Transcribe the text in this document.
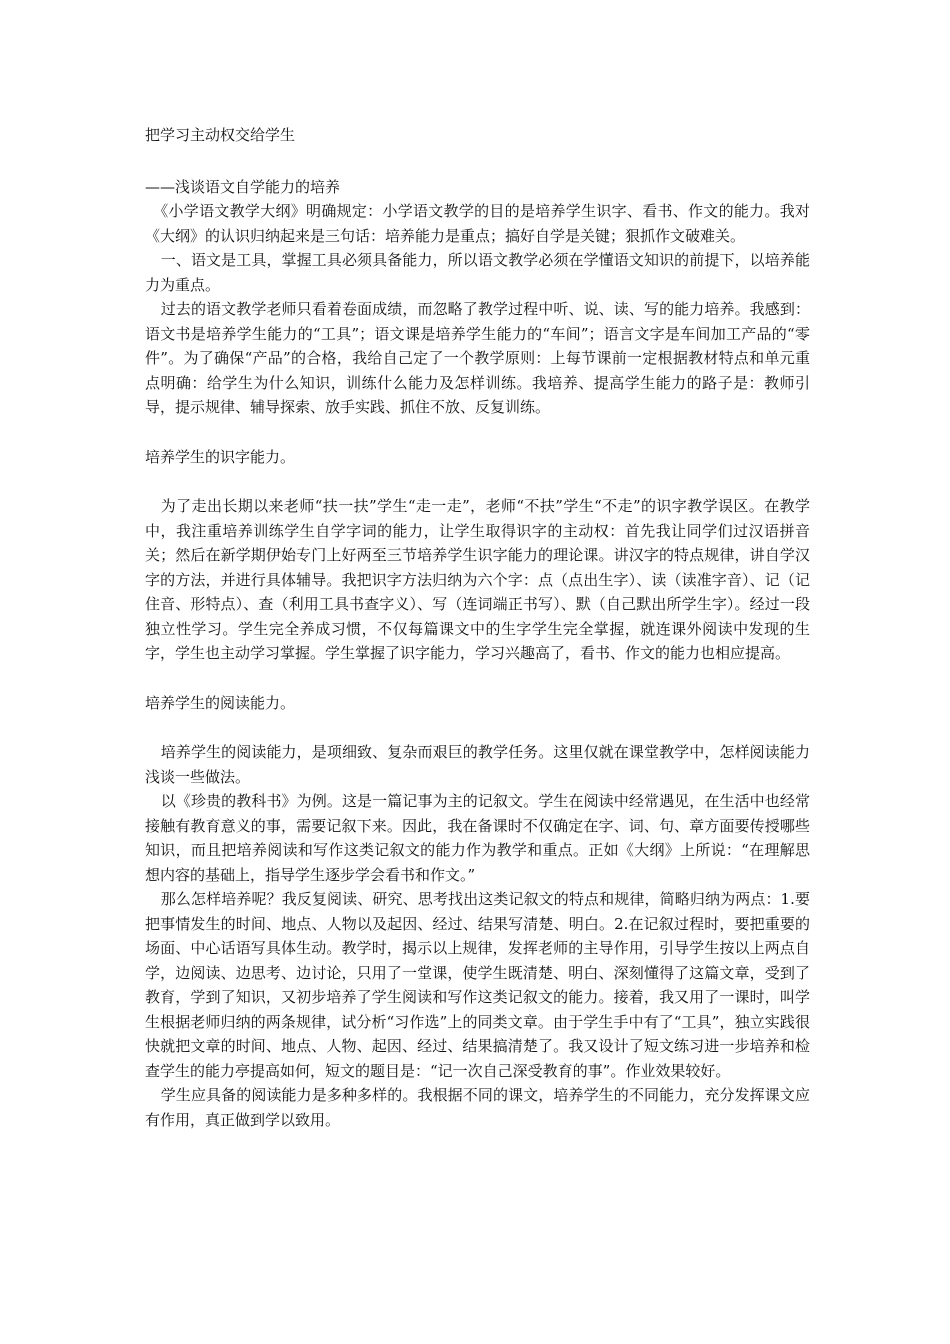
把学习主动权交给学生
——浅谈语文自学能力的培养

《小学语文教学大纲》明确规定：小学语文教学的目的是培养学生识字、看书、作文的能力。我对《大纲》的认识归纳起来是三句话：培养能力是重点；搞好自学是关键；狠抓作文破难关。

一、语文是工具，掌握工具必须具备能力，所以语文教学必须在学懂语文知识的前提下，以培养能力为重点。

过去的语文教学老师只看着卷面成绩，而忽略了教学过程中听、说、读、写的能力培养。我感到：语文书是培养学生能力的“工具”；语文课是培养学生能力的“车间”；语言文字是车间加工产品的“零件”。为了确保“产品”的合格，我给自己定了一个教学原则：上每节课前一定根据教材特点和单元重点明确：给学生为什么知识，训练什么能力及怎样训练。我培养、提高学生能力的路子是：教师引导，提示规律、辅导探索、放手实践、抓住不放、反复训练。

培养学生的识字能力。

为了走出长期以来老师“扶一扶”学生“走一走”，老师“不扶”学生“不走”的识字教学误区。在教学中，我注重培养训练学生自学字词的能力，让学生取得识字的主动权：首先我让同学们过汉语拼音关；然后在新学期伊始专门上好两至三节培养学生识字能力的理论课。讲汉字的特点规律，讲自学汉字的方法，并进行具体辅导。我把识字方法归纳为六个字：点（点出生字）、读（读准字音）、记（记住音、形特点）、查（利用工具书查字义）、写（连词端正书写）、默（自己默出所学生字）。经过一段独立性学习。学生完全养成习惯，不仅每篇课文中的生字学生完全掌握，就连课外阅读中发现的生字，学生也主动学习掌握。学生掌握了识字能力，学习兴趣高了，看书、作文的能力也相应提高。

培养学生的阅读能力。

培养学生的阅读能力，是项细致、复杂而艰巨的教学任务。这里仅就在课堂教学中，怎样阅读能力浅谈一些做法。

以《珍贵的教科书》为例。这是一篇记事为主的记叙文。学生在阅读中经常遇见，在生活中也经常接触有教育意义的事，需要记叙下来。因此，我在备课时不仅确定在字、词、句、章方面要传授哪些知识，而且把培养阅读和写作这类记叙文的能力作为教学和重点。正如《大纲》上所说：“在理解思想内容的基础上，指导学生逐步学会看书和作文。”

那么怎样培养呢？我反复阅读、研究、思考找出这类记叙文的特点和规律，简略归纳为两点：1.要把事情发生的时间、地点、人物以及起因、经过、结果写清楚、明白。2.在记叙过程时，要把重要的场面、中心话语写具体生动。教学时，揭示以上规律，发挥老师的主导作用，引导学生按以上两点自学，边阅读、边思考、边讨论，只用了一堂课，使学生既清楚、明白、深刻懂得了这篇文章，受到了教育，学到了知识，又初步培养了学生阅读和写作这类记叙文的能力。接着，我又用了一课时，叫学生根据老师归纳的两条规律，试分析“习作选”上的同类文章。由于学生手中有了“工具”，独立实践很快就把文章的时间、地点、人物、起因、经过、结果搞清楚了。我又设计了短文练习进一步培养和检查学生的能力亭提高如何，短文的题目是：“记一次自己深受教育的事”。作业效果较好。

学生应具备的阅读能力是多种多样的。我根据不同的课文，培养学生的不同能力，充分发挥课文应有作用，真正做到学以致用。
